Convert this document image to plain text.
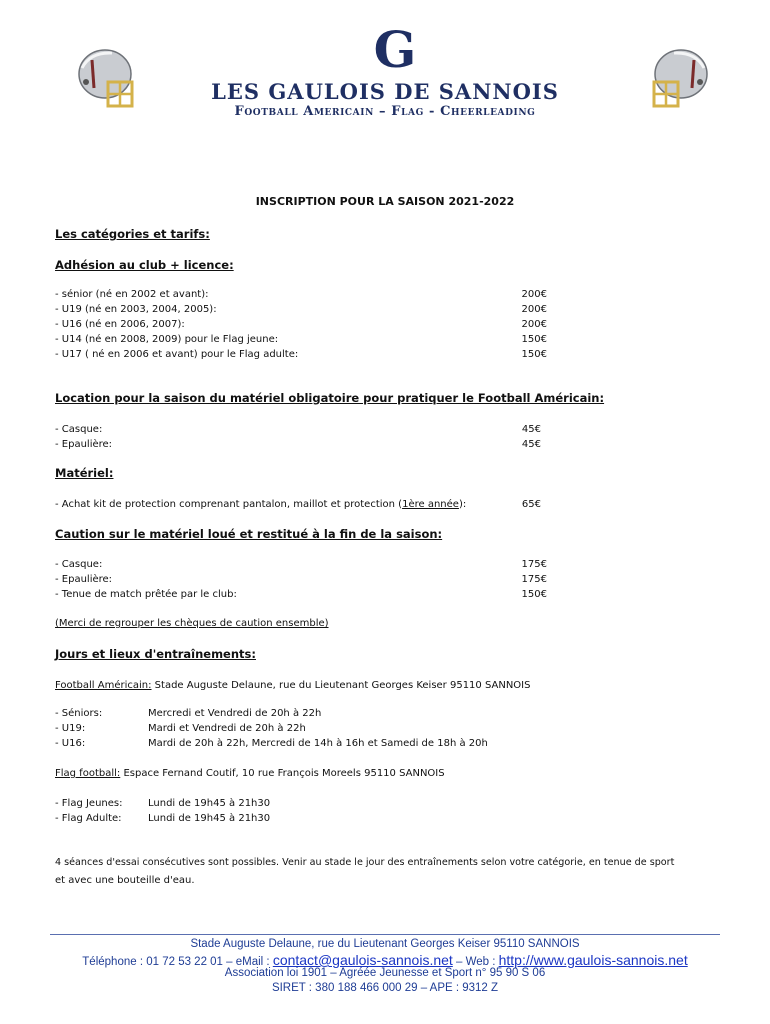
G
LES GAULOIS DE SANNOIS
Football Americain – Flag - Cheerleading
INSCRIPTION POUR LA SAISON 2021-2022
Les catégories et tarifs:
Adhésion au club + licence:
- sénior (né en 2002 et avant):	200€
- U19 (né en 2003, 2004, 2005):	200€
- U16 (né en 2006, 2007):	200€
- U14 (né en 2008, 2009) pour le Flag jeune:	150€
- U17 ( né en 2006 et avant) pour le Flag adulte:	150€
Location pour la saison du matériel obligatoire pour pratiquer le Football Américain:
- Casque:	45€
- Epaulière:	45€
Matériel:
- Achat kit de protection comprenant pantalon, maillot et protection (1ère année):	65€
Caution sur le matériel loué et restitué à la fin de la saison:
- Casque:	175€
- Epaulière:	175€
- Tenue de match prêtée par le club:	150€
(Merci de regrouper les chèques de caution ensemble)
Jours et lieux d'entraînements:
Football Américain: Stade Auguste Delaune, rue du Lieutenant Georges Keiser 95110 SANNOIS
- Séniors:	Mercredi et Vendredi de 20h à 22h
- U19:	Mardi et Vendredi de 20h à 22h
- U16:	Mardi de 20h à 22h, Mercredi de 14h à 16h et Samedi de 18h à 20h
Flag football: Espace Fernand Coutif, 10 rue François Moreels 95110 SANNOIS
- Flag Jeunes:	Lundi de 19h45 à 21h30
- Flag Adulte:	Lundi de 19h45 à 21h30
4 séances d'essai consécutives sont possibles. Venir au stade le jour des entraînements selon votre catégorie, en tenue de sport
et avec une bouteille d'eau.
Stade Auguste Delaune, rue du Lieutenant Georges Keiser 95110 SANNOIS
Téléphone : 01 72 53 22 01 – eMail : contact@gaulois-sannois.net – Web : http://www.gaulois-sannois.net
Association loi 1901 – Agréée Jeunesse et Sport n° 95 90 S 06
SIRET : 380 188 466 000 29 – APE : 9312 Z
